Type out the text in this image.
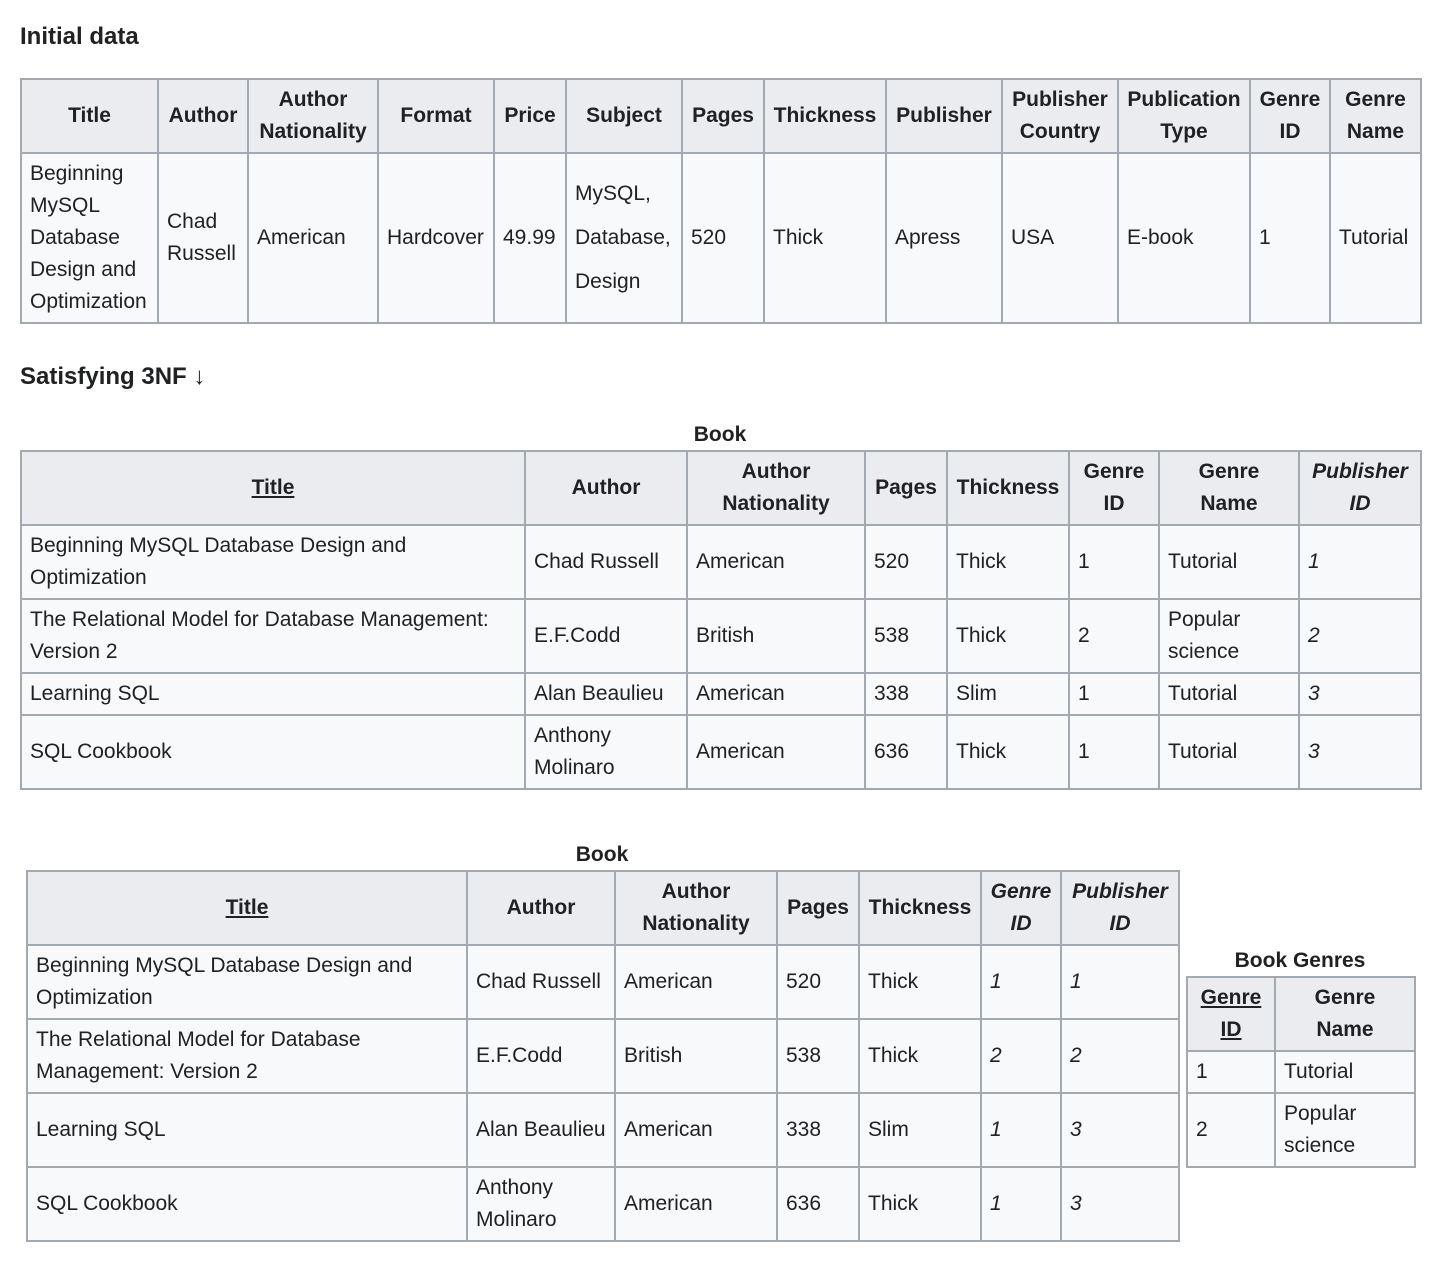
Initial data
Title	Author	Author Nationality	Format	Price	Subject	Pages	Thickness	Publisher	Publisher Country	Publication Type	Genre ID	Genre Name
Beginning MySQL Database Design and Optimization	Chad Russell	American	Hardcover	49.99	MySQL, Database, Design	520	Thick	Apress	USA	E-book	1	Tutorial
Satisfying 3NF ↓
Book
Title	Author	Author Nationality	Pages	Thickness	Genre ID	Genre Name	Publisher ID
Beginning MySQL Database Design and Optimization	Chad Russell	American	520	Thick	1	Tutorial	1
The Relational Model for Database Management: Version 2	E.F.Codd	British	538	Thick	2	Popular science	2
Learning SQL	Alan Beaulieu	American	338	Slim	1	Tutorial	3
SQL Cookbook	Anthony Molinaro	American	636	Thick	1	Tutorial	3
Book
Title	Author	Author Nationality	Pages	Thickness	Genre ID	Publisher ID
Beginning MySQL Database Design and Optimization	Chad Russell	American	520	Thick	1	1
The Relational Model for Database Management: Version 2	E.F.Codd	British	538	Thick	2	2
Learning SQL	Alan Beaulieu	American	338	Slim	1	3
SQL Cookbook	Anthony Molinaro	American	636	Thick	1	3
Book Genres
Genre ID	Genre Name
1	Tutorial
2	Popular science
